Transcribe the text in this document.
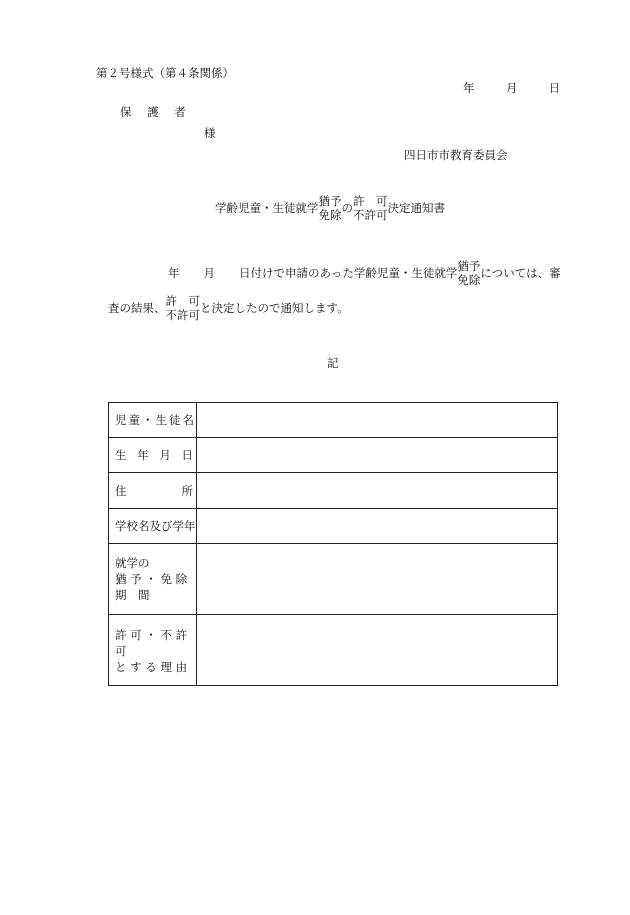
第２号様式（第４条関係）
年	月	日
保 護 者
様
四日市市教育委員会
学齢児童・生徒就学 猶予
免除
の 許　可
不許可
決定通知書
年 月 日付けで申請のあった学齢児童・生徒就学 猶予
免除
については、審
査の結果、 許　可
不許可
と決定したので通知します。
記
児童・生徒名	

生 年 月 日	

住 所	

学校名及び学年	

就学の
猶 予 ・ 免 除
期　間	

許 可 ・ 不 許 可
と す る 理 由	
